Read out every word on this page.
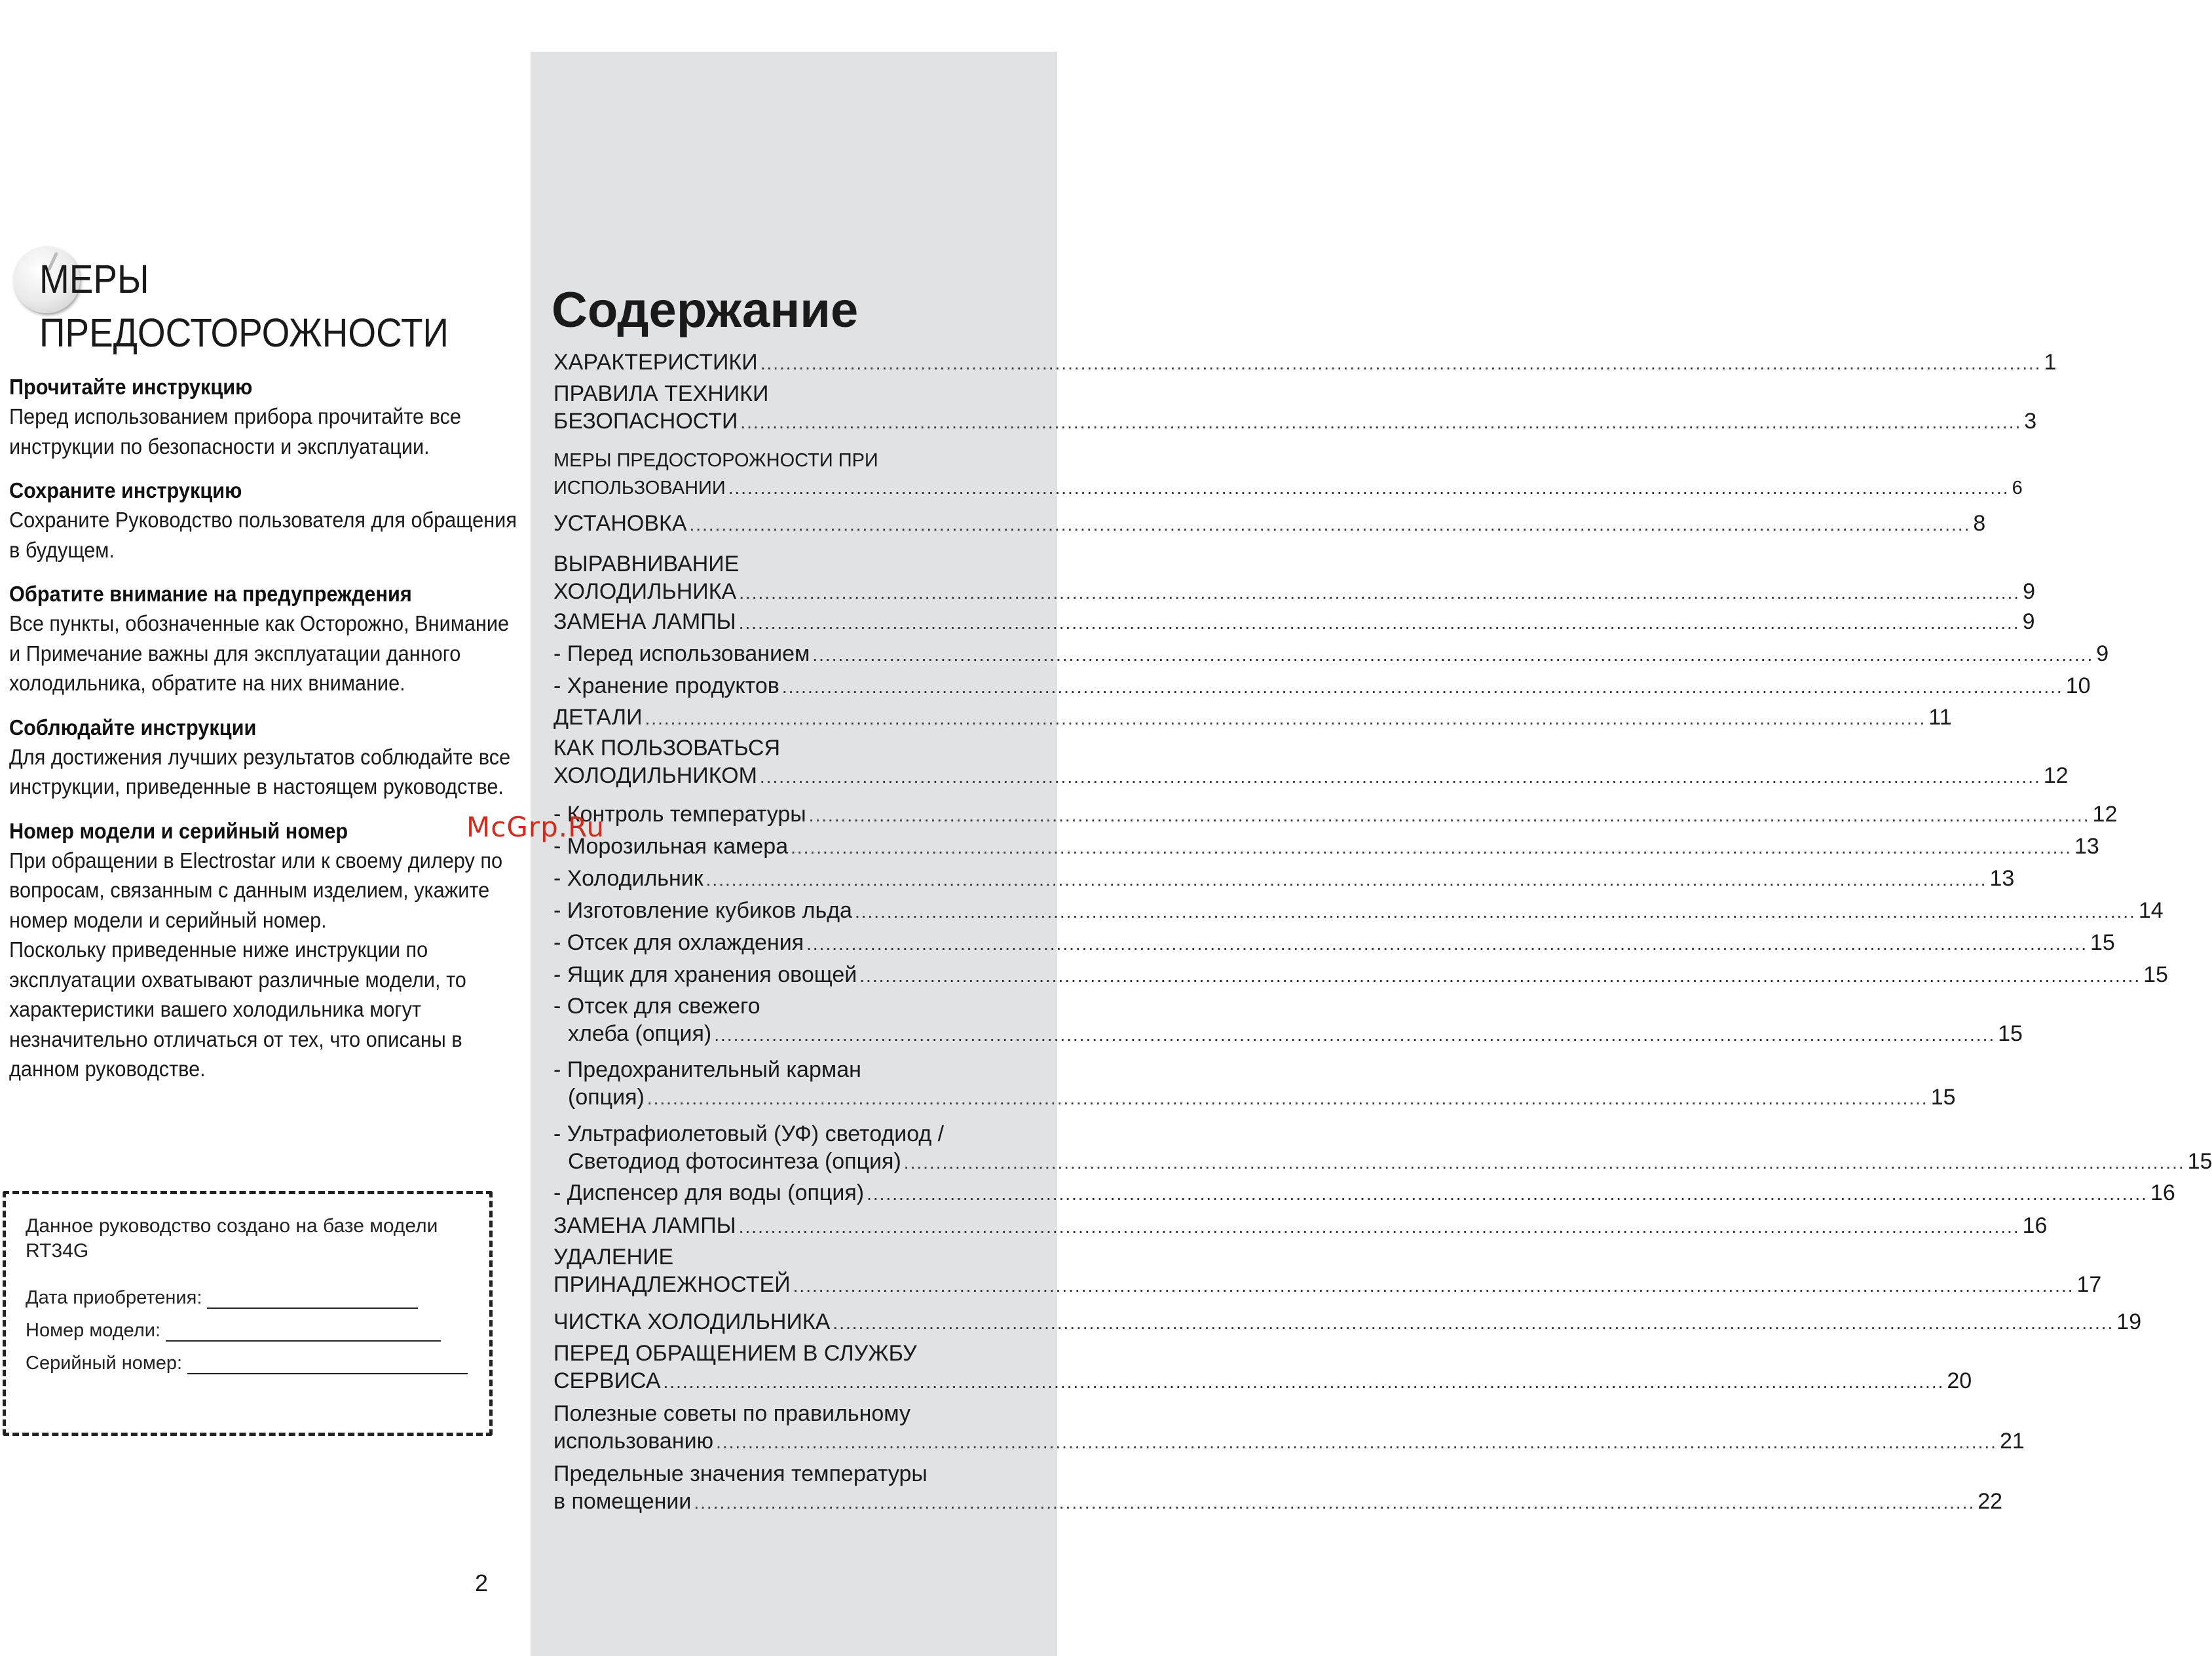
МЕРЫ
ПРЕДОСТОРОЖНОСТИ
Прочитайте инструкцию

Перед использованием прибора прочитайте все инструкции по безопасности и эксплуатации.

Сохраните инструкцию

Сохраните Руководство пользователя для обращения в будущем.

Обратите внимание на предупреждения

Все пункты, обозначенные как Осторожно, Внимание и Примечание важны для эксплуатации данного холодильника, обратите на них внимание.

Соблюдайте инструкции

Для достижения лучших результатов соблюдайте все инструкции, приведенные в настоящем руководстве.

Номер модели и серийный номер

При обращении в Electrostar или к своему дилеру по вопросам, связанным с данным изделием, укажите номер модели и серийный номер.

Поскольку приведенные ниже инструкции по эксплуатации охватывают различные модели, то характеристики вашего холодильника могут незначительно отличаться от тех, что описаны в данном руководстве.

Данное руководство создано на базе модели RT34G
Дата приобретения:
Номер модели:
Серийный номер:
Содержание
ХАРАКТЕРИСТИКИ ........................................................................................................................................................................................................ 1
ПРАВИЛА ТЕХНИКИ
БЕЗОПАСНОСТИ ........................................................................................................................................................................................................ 3
МЕРЫ ПРЕДОСТОРОЖНОСТИ ПРИ
ИСПОЛЬЗОВАНИИ ........................................................................................................................................................................................................ 6
УСТАНОВКА ........................................................................................................................................................................................................ 8
ВЫРАВНИВАНИЕ
ХОЛОДИЛЬНИКА ........................................................................................................................................................................................................ 9
ЗАМЕНА ЛАМПЫ ........................................................................................................................................................................................................ 9
- Перед использованием ........................................................................................................................................................................................................ 9
- Хранение продуктов ........................................................................................................................................................................................................ 10
ДЕТАЛИ ........................................................................................................................................................................................................ 11
КАК ПОЛЬЗОВАТЬСЯ
ХОЛОДИЛЬНИКОМ ........................................................................................................................................................................................................ 12
- Контроль температуры ........................................................................................................................................................................................................ 12
- Морозильная камера ........................................................................................................................................................................................................ 13
- Холодильник ........................................................................................................................................................................................................ 13
- Изготовление кубиков льда ........................................................................................................................................................................................................ 14
- Отсек для охлаждения ........................................................................................................................................................................................................ 15
- Ящик для хранения овощей ........................................................................................................................................................................................................ 15
- Отсек для свежего
хлеба (опция) ........................................................................................................................................................................................................ 15
- Предохранительный карман
(опция) ........................................................................................................................................................................................................ 15
- Ультрафиолетовый (УФ) светодиод /
Светодиод фотосинтеза (опция) ........................................................................................................................................................................................................ 15
- Диспенсер для воды (опция) ........................................................................................................................................................................................................ 16
ЗАМЕНА ЛАМПЫ ........................................................................................................................................................................................................ 16
УДАЛЕНИЕ
ПРИНАДЛЕЖНОСТЕЙ ........................................................................................................................................................................................................ 17
ЧИСТКА ХОЛОДИЛЬНИКА ........................................................................................................................................................................................................ 19
ПЕРЕД ОБРАЩЕНИЕМ В СЛУЖБУ
СЕРВИСА ........................................................................................................................................................................................................ 20
Полезные советы по правильному
использованию ........................................................................................................................................................................................................ 21
Предельные значения температуры
в помещении ........................................................................................................................................................................................................ 22
2
McGrp.Ru
